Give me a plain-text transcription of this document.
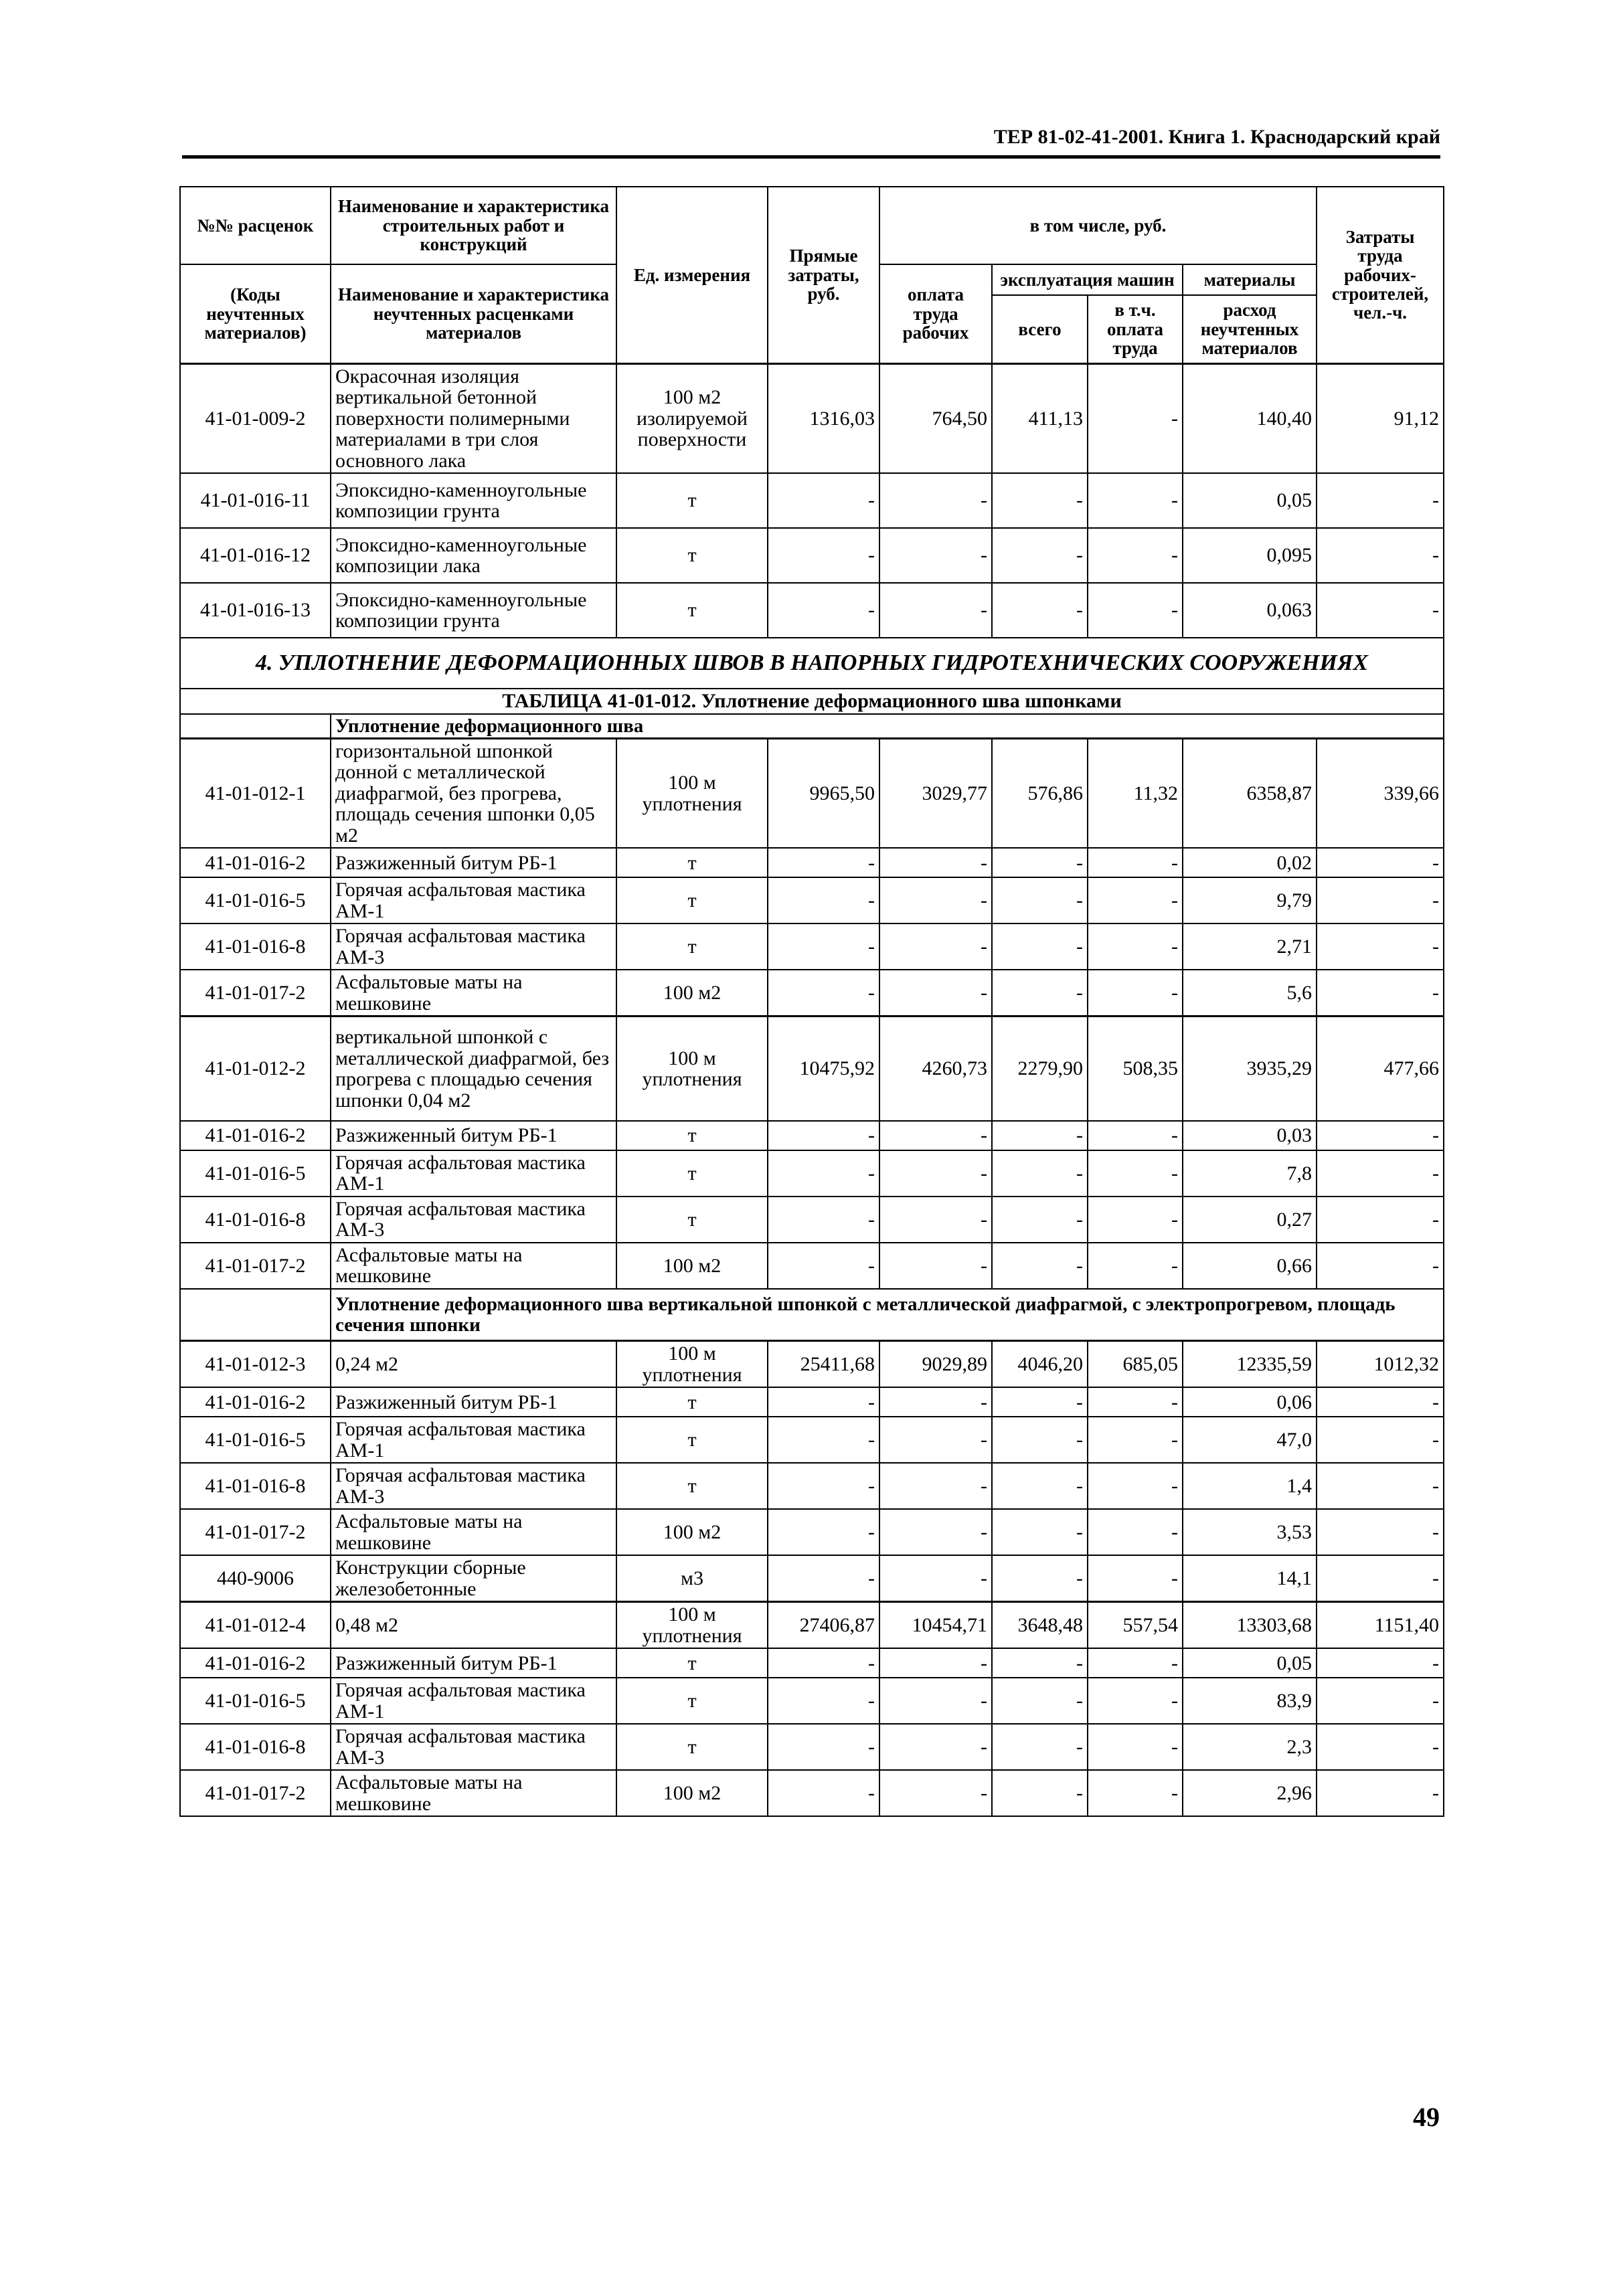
ТЕР 81-02-41-2001. Книга 1. Краснодарский край
№№ расценок	Наименование и характеристика строительных работ и конструкций	Ед. измерения	Прямые затраты, руб.	в том числе, руб.				Затраты труда рабочих-строителей, чел.-ч.
(Коды неучтенных материалов)	Наименование и характеристика неучтенных расценками материалов			оплата труда рабочих	эксплуатация машин		материалы	
					всего	в т.ч. оплата труда	расход неучтенных материалов	
41-01-009-2	Окрасочная изоляция вертикальной бетонной поверхности полимерными материалами в три слоя основного лака	100 м2 изолируемой поверхности	1316,03	764,50	411,13	-	140,40	91,12
41-01-016-11	Эпоксидно-каменноугольные композиции грунта	т	-	-	-	-	0,05	-
41-01-016-12	Эпоксидно-каменноугольные композиции лака	т	-	-	-	-	0,095	-
41-01-016-13	Эпоксидно-каменноугольные композиции грунта	т	-	-	-	-	0,063	-
4. УПЛОТНЕНИЕ ДЕФОРМАЦИОННЫХ ШВОВ В НАПОРНЫХ ГИДРОТЕХНИЧЕСКИХ СООРУЖЕНИЯХ								
ТАБЛИЦА 41-01-012. Уплотнение деформационного шва шпонками								
	Уплотнение деформационного шва							
41-01-012-1	горизонтальной шпонкой донной с металлической диафрагмой, без прогрева, площадь сечения шпонки 0,05 м2	100 м уплотнения	9965,50	3029,77	576,86	11,32	6358,87	339,66
41-01-016-2	Разжиженный битум РБ-1	т	-	-	-	-	0,02	-
41-01-016-5	Горячая асфальтовая мастика АМ-1	т	-	-	-	-	9,79	-
41-01-016-8	Горячая асфальтовая мастика АМ-3	т	-	-	-	-	2,71	-
41-01-017-2	Асфальтовые маты на мешковине	100 м2	-	-	-	-	5,6	-
41-01-012-2	вертикальной шпонкой с металлической диафрагмой, без прогрева с площадью сечения шпонки 0,04 м2	100 м уплотнения	10475,92	4260,73	2279,90	508,35	3935,29	477,66
41-01-016-2	Разжиженный битум РБ-1	т	-	-	-	-	0,03	-
41-01-016-5	Горячая асфальтовая мастика АМ-1	т	-	-	-	-	7,8	-
41-01-016-8	Горячая асфальтовая мастика АМ-3	т	-	-	-	-	0,27	-
41-01-017-2	Асфальтовые маты на мешковине	100 м2	-	-	-	-	0,66	-
	Уплотнение деформационного шва вертикальной шпонкой с металлической диафрагмой, с электропрогревом, площадь сечения шпонки							
41-01-012-3	0,24 м2	100 м уплотнения	25411,68	9029,89	4046,20	685,05	12335,59	1012,32
41-01-016-2	Разжиженный битум РБ-1	т	-	-	-	-	0,06	-
41-01-016-5	Горячая асфальтовая мастика АМ-1	т	-	-	-	-	47,0	-
41-01-016-8	Горячая асфальтовая мастика АМ-3	т	-	-	-	-	1,4	-
41-01-017-2	Асфальтовые маты на мешковине	100 м2	-	-	-	-	3,53	-
440-9006	Конструкции сборные железобетонные	м3	-	-	-	-	14,1	-
41-01-012-4	0,48 м2	100 м уплотнения	27406,87	10454,71	3648,48	557,54	13303,68	1151,40
41-01-016-2	Разжиженный битум РБ-1	т	-	-	-	-	0,05	-
41-01-016-5	Горячая асфальтовая мастика АМ-1	т	-	-	-	-	83,9	-
41-01-016-8	Горячая асфальтовая мастика АМ-3	т	-	-	-	-	2,3	-
41-01-017-2	Асфальтовые маты на мешковине	100 м2	-	-	-	-	2,96	-
49
